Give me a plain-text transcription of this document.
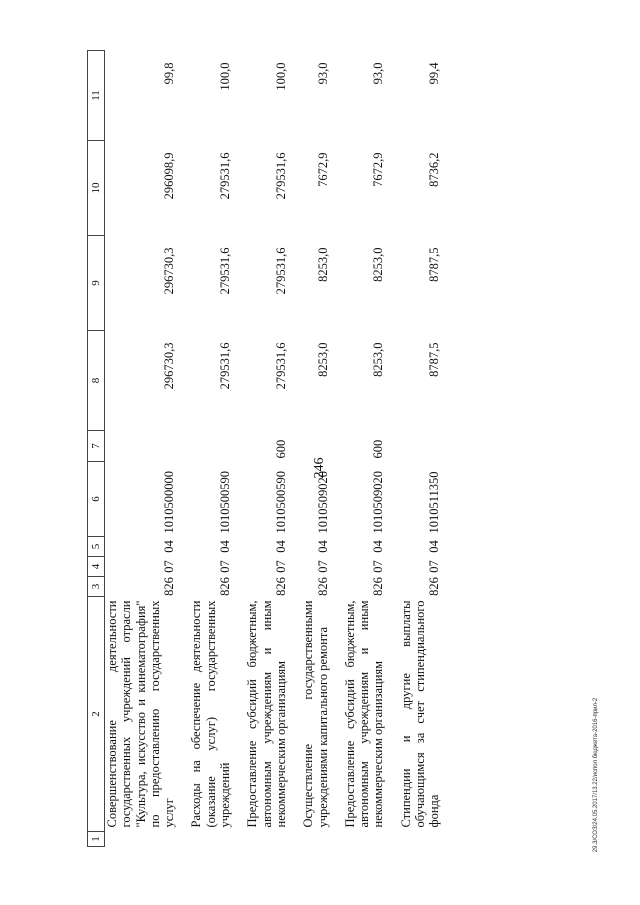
246
29.3/СОЗ/24.05.2017/13.22/испол бюджета-2016-прил-2
1	2	3	4	5	6	7	8	9	10	11
	Совершенствование деятельности государственных учреждений отрасли "Культура, искусство и кинематография" по предоставлению государственных услуг	826	07	04	1010500000		296730,3	296730,3	296098,9	99,8

	Расходы на обеспечение деятельности (оказание услуг) государственных учреждений	826	07	04	1010500590		279531,6	279531,6	279531,6	100,0

	Предоставление субсидий бюджетным, автономным учреждениям и иным некоммерческим организациям	826	07	04	1010500590	600	279531,6	279531,6	279531,6	100,0

	Осуществление государственными учреждениями капитального ремонта	826	07	04	1010509020		8253,0	8253,0	7672,9	93,0

	Предоставление субсидий бюджетным, автономным учреждениям и иным некоммерческим организациям	826	07	04	1010509020	600	8253,0	8253,0	7672,9	93,0

	Стипендии и другие выплаты обучающимся за счет стипендиального фонда	826	07	04	1010511350		8787,5	8787,5	8736,2	99,4
